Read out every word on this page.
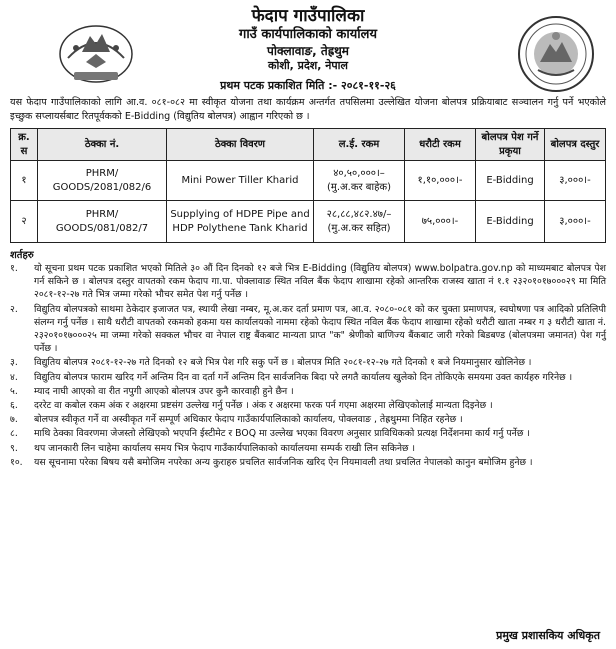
फेदाप गाउँपालिका
गाउँ कार्यपालिकाको कार्यालय
पोक्लावाङ, तेह्रथुम
कोशी, प्रदेश, नेपाल
प्रथम पटक प्रकाशित मिति :- २०८१-११-२६

यस फेदाप गाउँपालिकाको लागि आ.व. ०८१-०८२ मा स्वीकृत योजना तथा कार्यक्रम अन्तर्गत तपसिलमा उल्लेखित योजना बोलपत्र प्रक्रियाबाट सञ्चालन गर्नु पर्ने भएकोले इच्छुक सप्लायर्सबाट रितपूर्वकको E-Bidding (विद्युतिय बोलपत्र) आह्वान गरिएको छ ।

क्र. स	ठेक्का नं.	ठेक्का विवरण	ल.ई. रकम	धरौटी रकम	बोलपत्र पेश गर्ने प्रकृया	बोलपत्र दस्तुर
१	PHRM/ GOODS/2081/082/6	Mini Power Tiller Kharid	४०,५०,०००।– (मु.अ.कर बाहेक)	१,१०,०००।-	E-Bidding	३,०००।-
२	PHRM/ GOODS/081/082/7	Supplying of HDPE Pipe and HDP Polythene Tank Kharid	२८,८८,४८२.४७/– (मु.अ.कर सहित)	७५,०००।-	E-Bidding	३,०००।-
शर्तहरु
१.	यो सूचना प्रथम पटक प्रकाशित भएको मितिले ३० औं दिन दिनको १२ बजे भित्र E-Bidding (विद्युतिय बोलपत्र) www.bolpatra.gov.np को माध्यमबाट बोलपत्र पेश गर्न सकिने छ । बोलपत्र दस्तुर वापतको रकम फेदाप गा.पा. पोक्लावाङ स्थित नविल बैंक फेदाप शाखामा रहेको आन्तरिक राजस्व खाता नं १.१ २३२०१०१७०००२९ मा मिति २०८१-१२-२७ गते भित्र जम्मा गरेको भौचर समेत पेश गर्नु पर्नेछ ।
२.	विद्युतिय बोलपत्रको साथमा ठेकेदार इजाजत पत्र, स्थायी लेखा नम्बर, मू.अ.कर दर्ता प्रमाण पत्र, आ.व. २०८०-०८१ को कर चुक्ता प्रमाणपत्र, स्वघोषणा पत्र आदिको प्रतिलिपी संलग्न गर्नु पर्नेछ । साथै धरौटी वापतको रकमको हकमा यस कार्यालयको नाममा रहेको फेदाप स्थित नविल बैंक फेदाप शाखामा रहेको धरौटी खाता नम्बर ग ३ धरौटी खाता नं. २३२०१०१७०००२५ मा जम्मा गरेको सक्कल भौचर वा नेपाल राष्ट्र बैंकबाट मान्यता प्राप्त "क" श्रेणीको बाणिज्य बैंकबाट जारी गरेको बिडबण्ड (बोलपत्रमा जमानत) पेश गर्नु पर्नेछ ।
३.	विद्युतिय बोलपत्र २०८१-१२-२७ गते दिनको १२ बजे भित्र पेश गरि सकु पर्ने छ । बोलपत्र मिति २०८१-१२-२७ गते दिनको १ बजे नियमानुसार खोलिनेछ ।
४.	विद्युतिय बोलपत्र फाराम खरिद गर्ने अन्तिम दिन वा दर्ता गर्ने अन्तिम दिन सार्वजनिक बिदा परे लगतै कार्यालय खुलेको दिन तोकिएके समयमा उक्त कार्यहरु गरिनेछ ।
५.	म्याद नाघी आएको वा रीत नपुगी आएको बोलपत्र उपर कुनै कारवाही हुने छैन ।
६.	दररेट वा कबोल रकम अंक र अक्षरमा प्रष्टसंग उल्लेख गर्नु पर्नेछ । अंक र अक्षरमा फरक पर्न गएमा अक्षरमा लेखिएकोलाई मान्यता दिइनेछ ।
७.	बोलपत्र स्वीकृत गर्ने वा अस्वीकृत गर्ने सम्पूर्ण अधिकार फेदाप गाउँकार्यपालिकाको कार्यालय, पोक्लवाङ , तेह्रथुममा निहित रहनेछ ।
८.	माथि ठेक्का विवरणमा जेजस्तो लेखिएको भएपनि ईस्टीमेट र BOQ मा उल्लेख भएका विवरण अनुसार प्राविधिकको प्रत्यक्ष निर्देशनमा कार्य गर्नु पर्नेछ ।
९.	थप जानकारी लिन चाहेमा कार्यालय समय भित्र फेदाप गाउँकार्यपालिकाको कार्यालयमा सम्पर्क राखी लिन सकिनेछ ।
१०.	यस सूचनामा परेका बिषय यसै बमोजिम नपरेका अन्य कुराहरु प्रचलित सार्वजनिक खरिद ऐन नियमावली तथा प्रचलित नेपालको कानुन बमोजिम हुनेछ ।
प्रमुख प्रशासकिय अधिकृत
